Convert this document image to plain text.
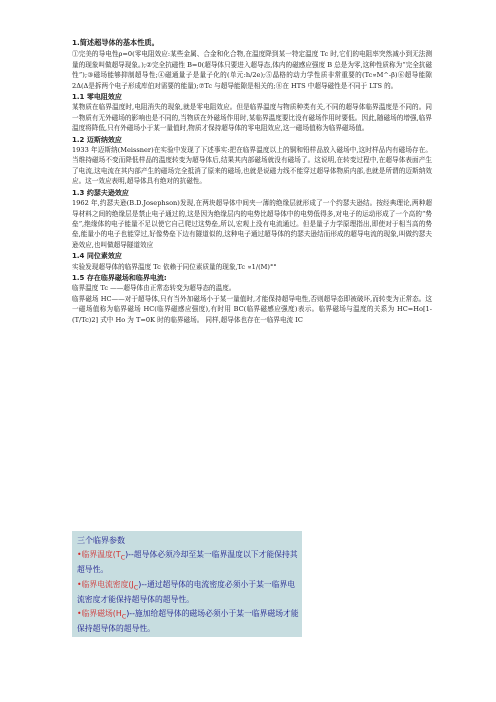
1.简述超导体的基本性质。

①完美的导电性ρ=0(零电阻效应:某些金属、合金和化合物,在温度降到某一特定温度 Tc 时,它们的电阻率突然减小到无法测量的现象叫做超导现象。);②完全抗磁性 B=0(超导体只要进入超导态,体内的磁感应强度 B 总是为零,这种性质称为“完全抗磁性”);③磁场能够抑制超导性;④磁通量子是量子化的(单元:h/2e);⑤晶格的动力学性质非常重要的(Tc∝M^-β)⑥超导能隙 2Δ(Δ是拆两个电子形成库伯对需要的能量);⑦Tc 与超导能隙是相关的;⑧在 HTS 中超导磁性是不同于 LTS 的。

1.1 零电阻效应

某物质在临界温度时,电阻消失的现象,就是零电阻效应。但是临界温度与物质种类有关,不同的超导体临界温度是不同的。同一物质有无外磁场的影响也是不同的,当物质在外磁场作用时,某临界温度要比没有磁场作用时要低。因此,随磁场的增强,临界温度将降低,只有外磁场小于某一量值时,物质才保持超导体的零电阻效应,这一磁场值称为临界磁场值。

1.2 迈斯纳效应

1933 年迈斯纳(Meissner)在实验中发现了下述事实:把在临界温度以上的铜和铅样品放入磁场中,这时样品内有磁场存在。当维持磁场不变而降低样品的温度转变为超导体后,结果其内部磁场就没有磁场了。这说明,在转变过程中,在超导体表面产生了电流,这电流在其内部产生的磁场完全抵消了原来的磁场,也就是说磁力线不能穿过超导体物质内部,也就是所谓的迈斯纳效应。这一效应表明,超导体具有绝对的抗磁性。

1.3 约瑟夫逊效应

1962 年,约瑟夫逊(B.D.Josephson)发现,在两块超导体中间夹一薄的绝缘层就形成了一个约瑟夫逊结。按经典理论,两种超导材料之间的绝缘层是禁止电子通过的,这是因为绝缘层内的电势比超导体中的电势低得多,对电子的运动形成了一个高的“势垒”,绝缘体的电子能量不足以使它自己爬过这势垒,所以,宏观上没有电流通过。但是量子力学原理指出,即使对于相当高的势垒,能量小的电子也能穿过,好像势垒下边有隧道似的,这种电子通过超导体的约瑟夫逊结而形成的超导电流的现象,叫做约瑟夫逊效应,也叫做超导隧道效应

1.4 同位素效应

实验发现超导体的临界温度 Tc 依赖于同位素质量的现象,Tc ∝1/(M)°°

1.5 存在临界磁场和临界电流:

临界温度 Tc ——超导体由正常态转变为超导态的温度。

临界磁场 HC——对于超导体,只有当外加磁场小于某一量值时,才能保持超导电性,否则超导态即被破坏,而转变为正常态。这一磁场值称为临界磁场 HC(临界磁感应强度),有时用 BC(临界磁感应强度)表示。临界磁场与温度的关系为 HC=Ho[1-(T/Tc)2] 式中 Ho 为 T=0K 时的临界磁场。 同样,超导体也存在一临界电流 IC

三个临界参数
•临界温度$(T_C)--$超导体必须冷却至某一临界温度以下才能保持其超导性。
•临界电流密度$(J_C)--$通过超导体的电流密度必须小于某一临界电流密度才能保持超导体的超导性。
•临界磁场$(H_C)--$施加给超导体的磁场必须小于某一临界磁场才能保持超导体的超导性。
